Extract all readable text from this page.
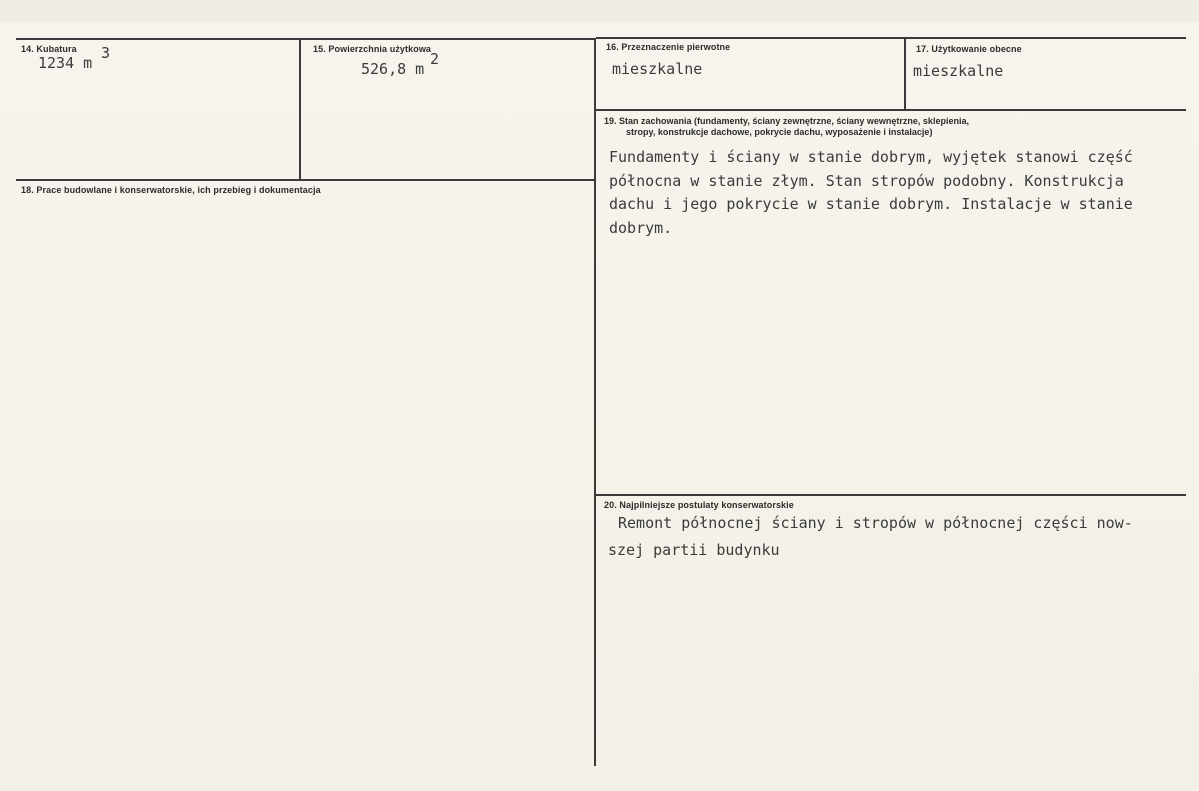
14. Kubatura
1234 m
3	15. Powierzchnia użytkowa
526,8 m
2
16. Przeznaczenie pierwotne
mieszkalne
17. Użytkowanie obecne
mieszkalne
18. Prace budowlane i konserwatorskie, ich przebieg i dokumentacja
19. Stan zachowania (fundamenty, ściany zewnętrzne, ściany wewnętrzne, sklepienia,
stropy, konstrukcje dachowe, pokrycie dachu, wyposażenie i instalacje)
Fundamenty i ściany w stanie dobrym, wyjętek stanowi część
północna w stanie złym. Stan stropów podobny. Konstrukcja
dachu i jego pokrycie w stanie dobrym. Instalacje w stanie
dobrym.
20. Najpilniejsze postulaty konserwatorskie
Remont północnej ściany i stropów w północnej części now-
szej partii budynku
